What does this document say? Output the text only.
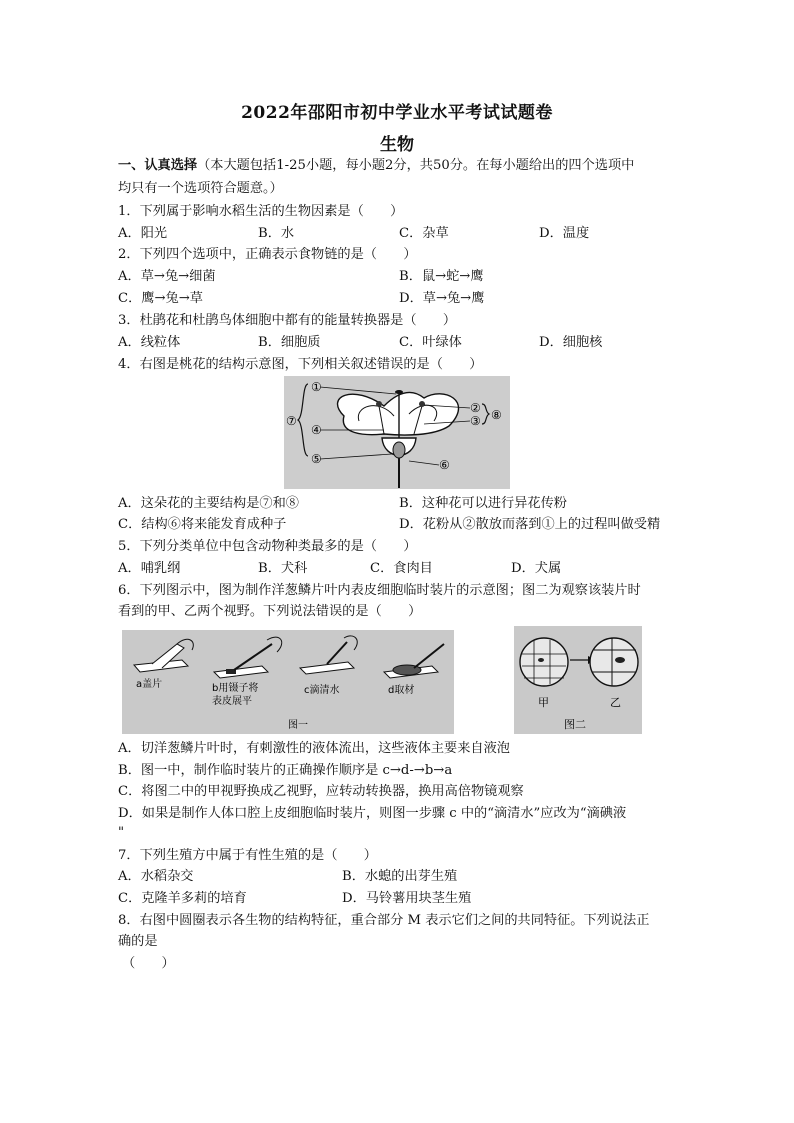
2022年邵阳市初中学业水平考试试题卷
生物
一、认真选择（本大题包括1-25小题，每小题2分，共50分。在每小题给出的四个选项中
均只有一个选项符合题意。）
1．下列属于影响水稻生活的生物因素是（　　）
A．阳光	B．水	C．杂草	D．温度
2．下列四个选项中，正确表示食物链的是（　　）
A．草→兔→细菌	B．鼠→蛇→鹰
C．鹰→兔→草	D．草→兔→鹰
3．杜鹃花和杜鹃鸟体细胞中都有的能量转换器是（　　）
A．线粒体	B．细胞质	C．叶绿体	D．细胞核
4．右图是桃花的结构示意图，下列相关叙述错误的是（　　）
①
②
③
④
⑤	⑥
⑦	⑧
A．这朵花的主要结构是⑦和⑧	B．这种花可以进行异花传粉
C．结构⑥将来能发育成种子	D．花粉从②散放而落到①上的过程叫做受精
5．下列分类单位中包含动物种类最多的是（　　）
A．哺乳纲	B．犬科	C．食肉目	D．犬属
6．下列图示中，图为制作洋葱鳞片叶内表皮细胞临时装片的示意图；图二为观察该装片时
看到的甲、乙两个视野。下列说法错误的是（　　）
a盖片	b用镊子将
表皮展平
c滴清水	d取材
图一
甲	乙
图二
A．切洋葱鳞片叶时，有刺激性的液体流出，这些液体主要来自液泡
B．图一中，制作临时装片的正确操作顺序是 c→d-→b→a
C．将图二中的甲视野换成乙视野，应转动转换器，换用高倍物镜观察
D．如果是制作人体口腔上皮细胞临时装片，则图一步骤 c 中的“滴清水”应改为“滴碘液
"
7．下列生殖方中属于有性生殖的是（　　）
A．水稻杂交	B．水螅的出芽生殖
C．克隆羊多莉的培育	D．马铃薯用块茎生殖
8．右图中圆圈表示各生物的结构特征，重合部分 M 表示它们之间的共同特征。下列说法正
确的是
（　　）
